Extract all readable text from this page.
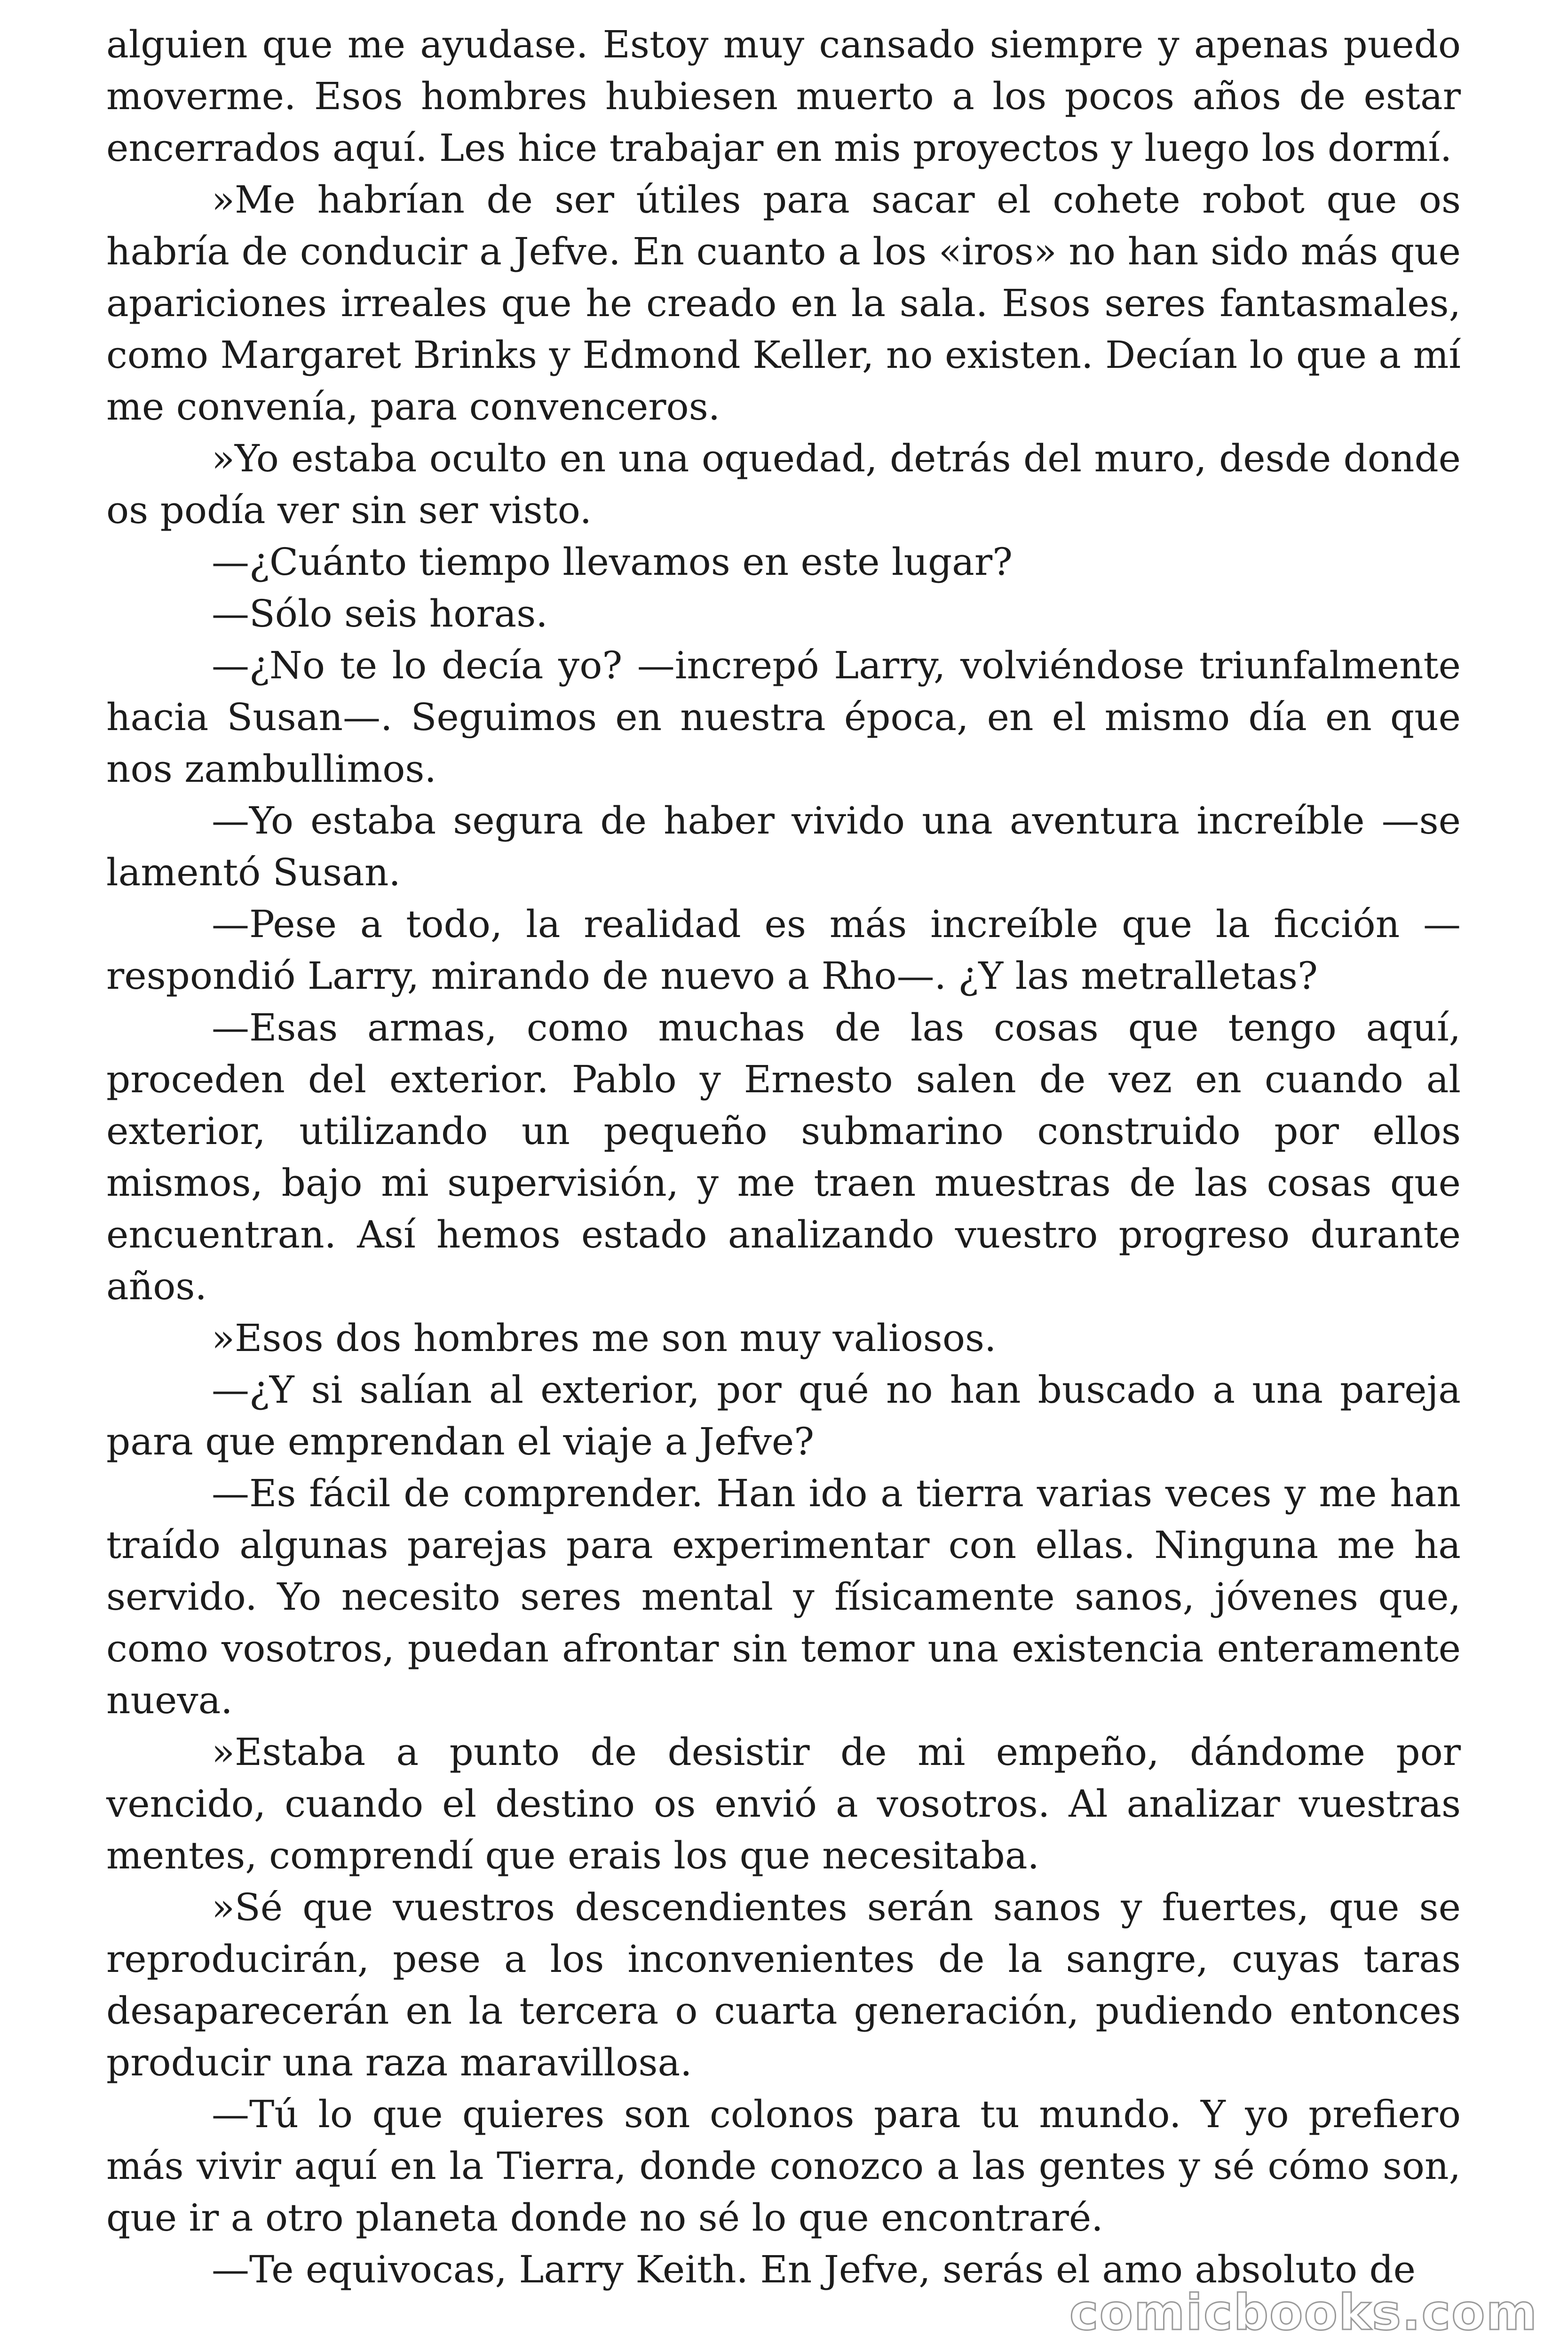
alguien que me ayudase. Estoy muy cansado siempre y apenas puedo moverme. Esos hombres hubiesen muerto a los pocos años de estar encerrados aquí. Les hice trabajar en mis proyectos y luego los dormí.

»Me habrían de ser útiles para sacar el cohete robot que os habría de conducir a Jefve. En cuanto a los «iros» no han sido más que apariciones irreales que he creado en la sala. Esos seres fantasmales, como Margaret Brinks y Edmond Keller, no existen. Decían lo que a mí me convenía, para convenceros.

»Yo estaba oculto en una oquedad, detrás del muro, desde donde os podía ver sin ser visto.

—¿Cuánto tiempo llevamos en este lugar?

—Sólo seis horas.

—¿No te lo decía yo? —increpó Larry, volviéndose triunfalmente hacia Susan—. Seguimos en nuestra época, en el mismo día en que nos zambullimos.

—Yo estaba segura de haber vivido una aventura increíble —se lamentó Susan.

—Pese a todo, la realidad es más increíble que la ficción —respondió Larry, mirando de nuevo a Rho—. ¿Y las metralletas?

—Esas armas, como muchas de las cosas que tengo aquí, proceden del exterior. Pablo y Ernesto salen de vez en cuando al exterior, utilizando un pequeño submarino construido por ellos mismos, bajo mi supervisión, y me traen muestras de las cosas que encuentran. Así hemos estado analizando vuestro progreso durante años.

»Esos dos hombres me son muy valiosos.

—¿Y si salían al exterior, por qué no han buscado a una pareja para que emprendan el viaje a Jefve?

—Es fácil de comprender. Han ido a tierra varias veces y me han traído algunas parejas para experimentar con ellas. Ninguna me ha servido. Yo necesito seres mental y físicamente sanos, jóvenes que, como vosotros, puedan afrontar sin temor una existencia enteramente nueva.

»Estaba a punto de desistir de mi empeño, dándome por vencido, cuando el destino os envió a vosotros. Al analizar vuestras mentes, comprendí que erais los que necesitaba.

»Sé que vuestros descendientes serán sanos y fuertes, que se reproducirán, pese a los inconvenientes de la sangre, cuyas taras desaparecerán en la tercera o cuarta generación, pudiendo entonces producir una raza maravillosa.

—Tú lo que quieres son colonos para tu mundo. Y yo prefiero más vivir aquí en la Tierra, donde conozco a las gentes y sé cómo son, que ir a otro planeta donde no sé lo que encontraré.

—Te equivocas, Larry Keith. En Jefve, serás el amo absoluto de

comicbooks.com
